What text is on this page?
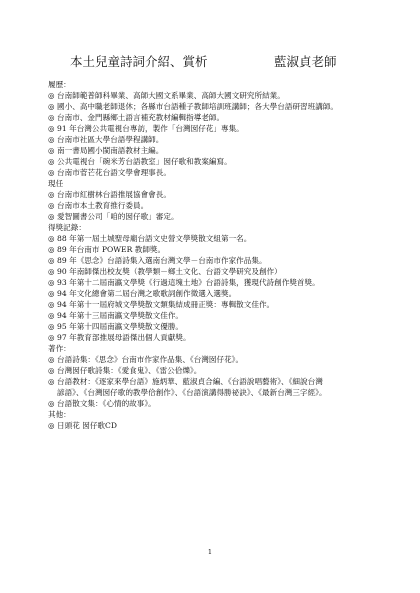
本土兒童詩詞介紹、賞析	藍淑貞老師
履歷：
◎ 台南師範普師科畢業、高師大國文系畢業、高師大國文研究所結業。
◎ 國小、高中職老師退休；各縣市台語種子教師培訓班講師；各大學台語研習班講師。
◎ 台南市、金門縣鄉土語言補充教材編輯指導老師。
◎ 91 年台灣公共電視台專訪，製作「台灣囡仔花」專集。
◎ 台南市社區大學台語學程講師。
◎ 南一書局國小閩南語教材主編。
◎ 公共電視台「碗米芳台語教室」囡仔歌和教案編寫。
◎ 台南市菅芒花台語文學會理事長。
現任
◎ 台南市紅樹林台語推展協會會長。
◎ 台南市本土教育推行委員。
◎ 愛智圖書公司「咱的囡仔歌」審定。
得獎記錄：
◎ 88 年第一屆土城聖母廟台語文史營文學獎散文組第一名。
◎ 89 年台南市 POWER 教師獎。
◎ 89 年《思念》台語詩集入選南台灣文學－台南市作家作品集。
◎ 90 年南師傑出校友獎（教學類－鄉土文化、台語文學研究及創作）
◎ 93 年第十二屆南瀛文學獎《行過這塊土地》台語詩集，獲現代詩創作獎首獎。
◎ 94 年文化總會第二屆台灣之歌歌詞創作徵選入選獎。
◎ 94 年第十一屆府城文學獎散文類集結成冊正獎：專輯散文佳作。
◎ 94 年第十三屆南瀛文學獎散文佳作。
◎ 95 年第十四屆南瀛文學獎散文優勝。
◎ 97 年教育部推展母語傑出個人貢獻獎。
著作：
◎ 台語詩集：《思念》台南市作家作品集、《台灣囡仔花》。
◎ 台灣囡仔歌詩集：《愛食鬼》、《雷公佮爍》。
◎ 台語教材：《逐家來學台語》施炳華、藍淑貞合編、《台語說唱藝術》、《細說台灣
諺語》、《台灣囡仔歌的教學佮創作》、《台語演講得勝祕訣》、《最新台灣三字經》。
◎ 台語散文集：《心情的故事》。
其他：
◎ 日頭花 囡仔歌CD
1
